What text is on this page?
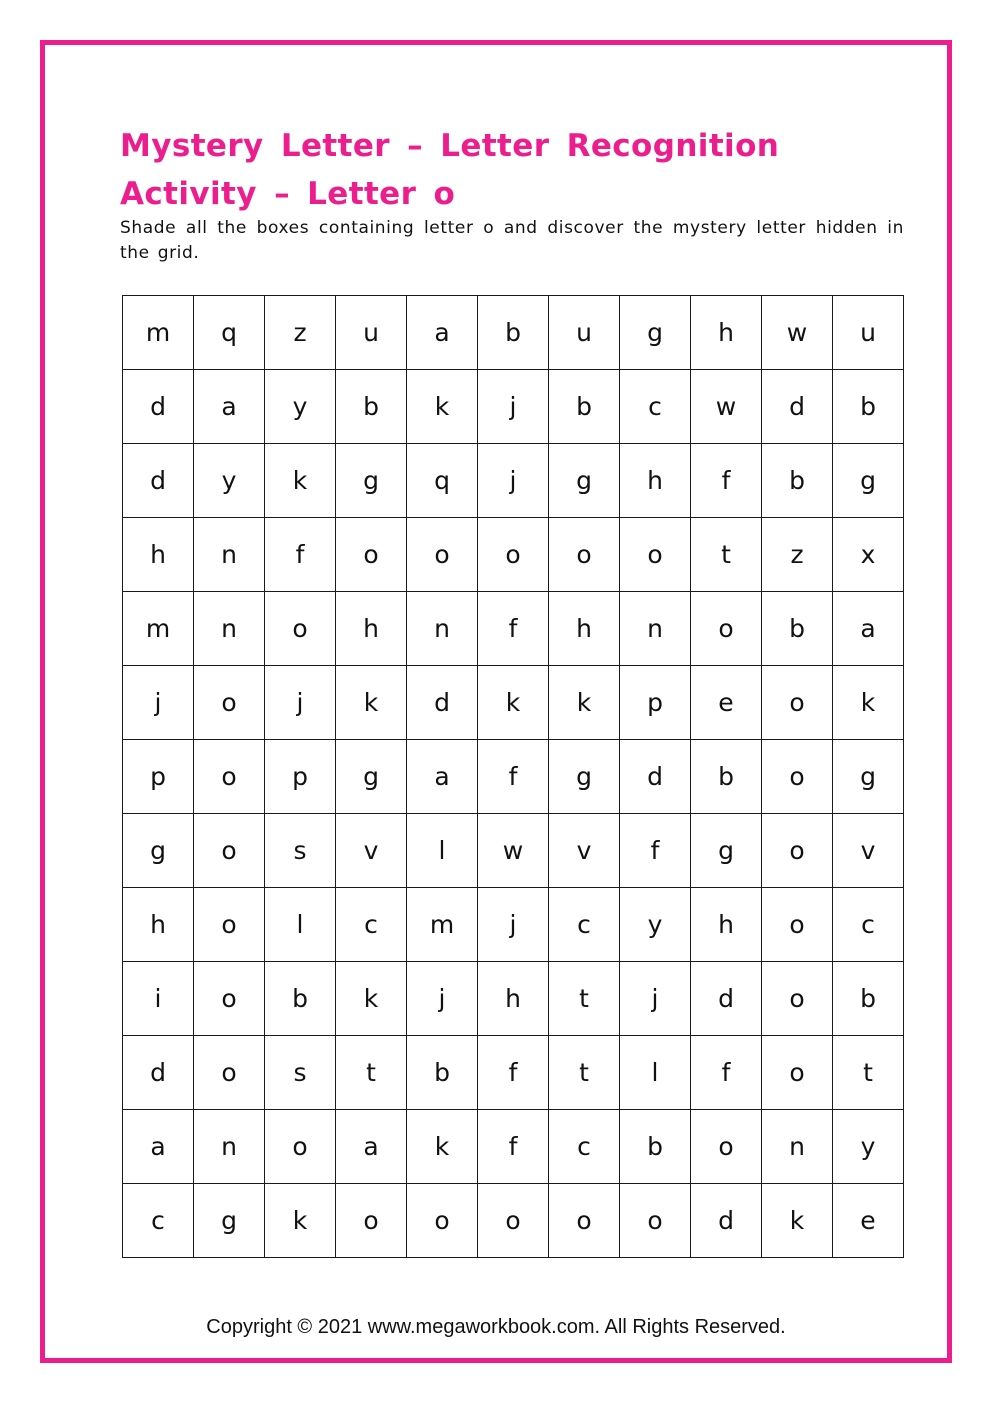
Mystery Letter – Letter Recognition Activity – Letter o

Shade all the boxes containing letter o and discover the mystery letter hidden in the grid.

m	q	z	u	a	b	u	g	h	w	u
d	a	y	b	k	j	b	c	w	d	b
d	y	k	g	q	j	g	h	f	b	g
h	n	f	o	o	o	o	o	t	z	x
m	n	o	h	n	f	h	n	o	b	a
j	o	j	k	d	k	k	p	e	o	k
p	o	p	g	a	f	g	d	b	o	g
g	o	s	v	l	w	v	f	g	o	v
h	o	l	c	m	j	c	y	h	o	c
i	o	b	k	j	h	t	j	d	o	b
d	o	s	t	b	f	t	l	f	o	t
a	n	o	a	k	f	c	b	o	n	y
c	g	k	o	o	o	o	o	d	k	e

Copyright © 2021 www.megaworkbook.com. All Rights Reserved.
